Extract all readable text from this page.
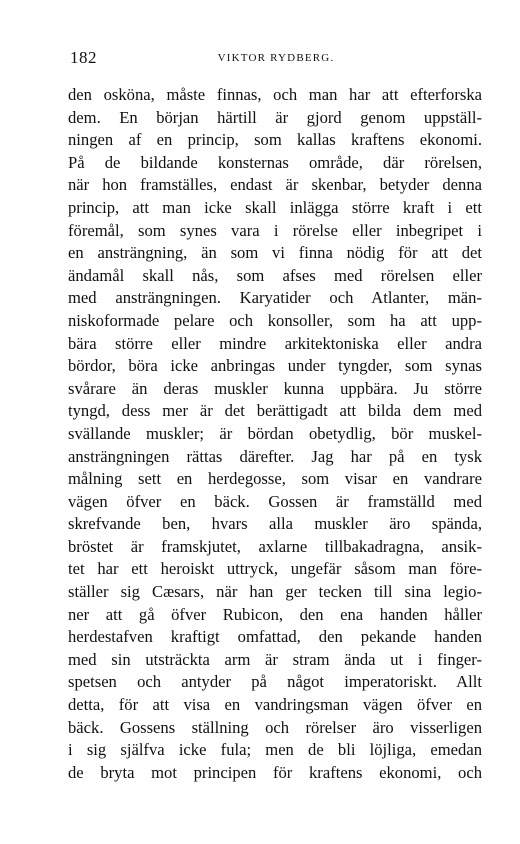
182	VIKTOR RYDBERG.
den osköna, måste finnas, och man har att efterforska
dem. En början härtill är gjord genom uppställ-
ningen af en princip, som kallas kraftens ekonomi.
På de bildande konsternas område, där rörelsen,
när hon framställes, endast är skenbar, betyder denna
princip, att man icke skall inlägga större kraft i ett
föremål, som synes vara i rörelse eller inbegripet i
en ansträngning, än som vi finna nödig för att det
ändamål skall nås, som afses med rörelsen eller
med ansträngningen. Karyatider och Atlanter, män-
niskoformade pelare och konsoller, som ha att upp-
bära större eller mindre arkitektoniska eller andra
bördor, böra icke anbringas under tyngder, som synas
svårare än deras muskler kunna uppbära. Ju större
tyngd, dess mer är det berättigadt att bilda dem med
svällande muskler; är bördan obetydlig, bör muskel-
ansträngningen rättas därefter. Jag har på en tysk
målning sett en herdegosse, som visar en vandrare
vägen öfver en bäck. Gossen är framställd med
skrefvande ben, hvars alla muskler äro spända,
bröstet är framskjutet, axlarne tillbakadragna, ansik-
tet har ett heroiskt uttryck, ungefär såsom man före-
ställer sig Cæsars, när han ger tecken till sina legio-
ner att gå öfver Rubicon, den ena handen håller
herdestafven kraftigt omfattad, den pekande handen
med sin utsträckta arm är stram ända ut i finger-
spetsen och antyder på något imperatoriskt. Allt
detta, för att visa en vandringsman vägen öfver en
bäck. Gossens ställning och rörelser äro visserligen
i sig själfva icke fula; men de bli löjliga, emedan
de bryta mot principen för kraftens ekonomi, och
